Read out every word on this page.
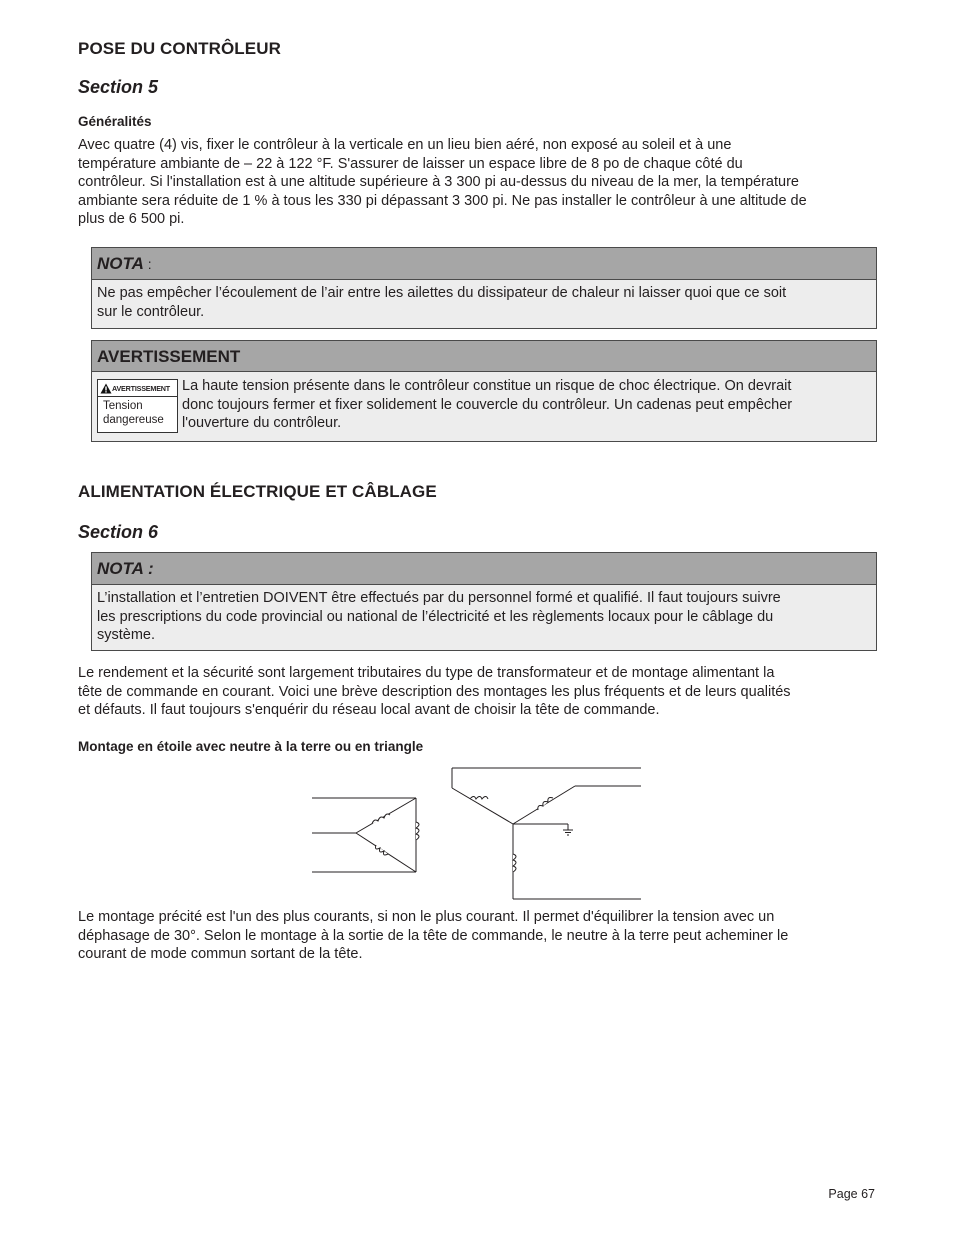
POSE DU CONTRÔLEUR
Section 5
Généralités
Avec quatre (4) vis, fixer le contrôleur à la verticale en un lieu bien aéré, non exposé au soleil et à une
température ambiante de – 22 à 122 °F. S'assurer de laisser un espace libre de 8 po de chaque côté du
contrôleur. Si l'installation est à une altitude supérieure à 3 300 pi au-dessus du niveau de la mer, la température
ambiante sera réduite de 1 % à tous les 330 pi dépassant 3 300 pi. Ne pas installer le contrôleur à une altitude de
plus de 6 500 pi.
NOTA :
Ne pas empêcher l’écoulement de l’air entre les ailettes du dissipateur de chaleur ni laisser quoi que ce soit
sur le contrôleur.
AVERTISSEMENT
AVERTISSEMENT
Tension
dangereuse
La haute tension présente dans le contrôleur constitue un risque de choc électrique. On devrait
donc toujours fermer et fixer solidement le couvercle du contrôleur. Un cadenas peut empêcher
l'ouverture du contrôleur.
ALIMENTATION ÉLECTRIQUE ET CÂBLAGE
Section 6
NOTA :
L’installation et l’entretien DOIVENT être effectués par du personnel formé et qualifié. Il faut toujours suivre
les prescriptions du code provincial ou national de l’électricité et les règlements locaux pour le câblage du
système.
Le rendement et la sécurité sont largement tributaires du type de transformateur et de montage alimentant la
tête de commande en courant. Voici une brève description des montages les plus fréquents et de leurs qualités
et défauts. Il faut toujours s'enquérir du réseau local avant de choisir la tête de commande.
Montage en étoile avec neutre à la terre ou en triangle
Le montage précité est l'un des plus courants, si non le plus courant. Il permet d'équilibrer la tension avec un
déphasage de 30°. Selon le montage à la sortie de la tête de commande, le neutre à la terre peut acheminer le
courant de mode commun sortant de la tête.
Page 67
